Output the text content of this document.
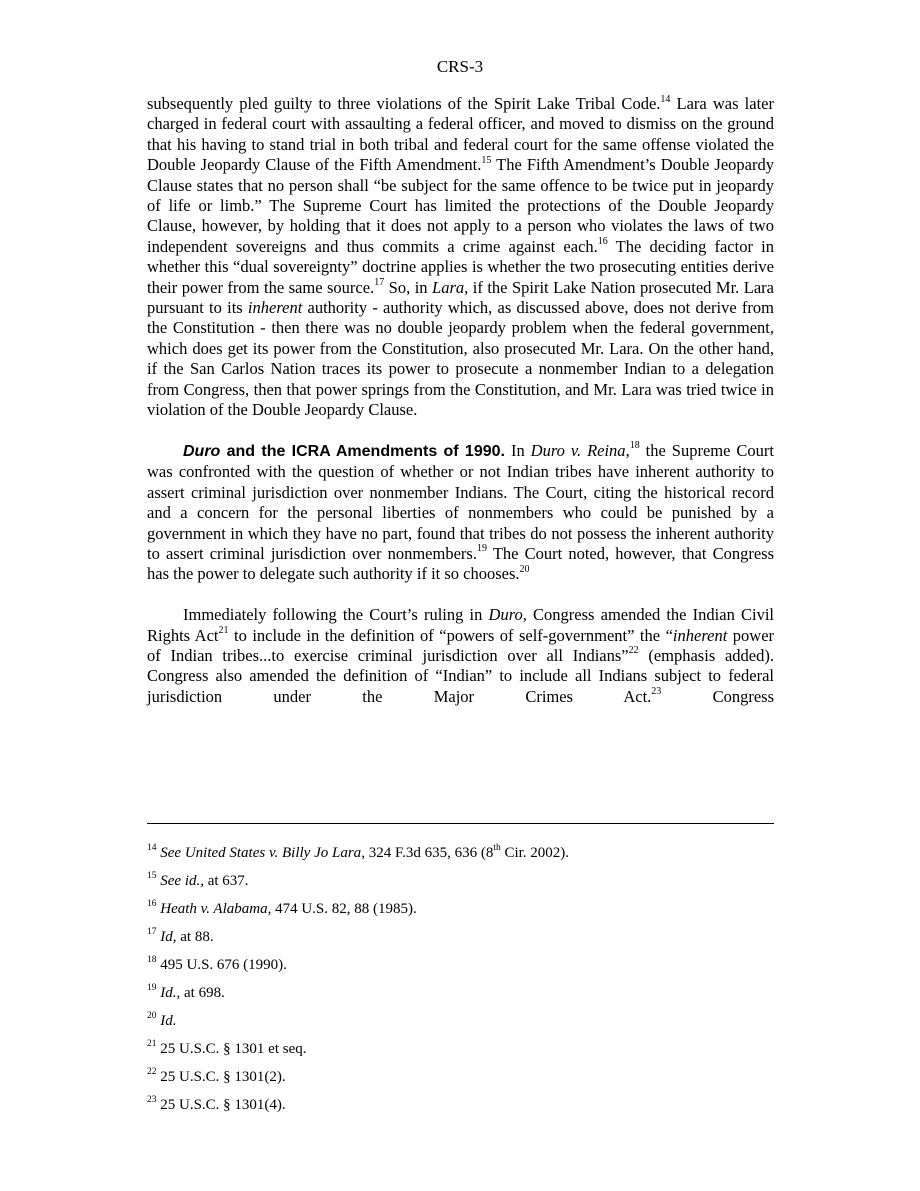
CRS-3

subsequently pled guilty to three violations of the Spirit Lake Tribal Code.$^{14}$ Lara was later charged in federal court with assaulting a federal officer, and moved to dismiss on the ground that his having to stand trial in both tribal and federal court for the same offense violated the Double Jeopardy Clause of the Fifth Amendment.$^{15}$ The Fifth Amendment’s Double Jeopardy Clause states that no person shall “be subject for the same offence to be twice put in jeopardy of life or limb.” The Supreme Court has limited the protections of the Double Jeopardy Clause, however, by holding that it does not apply to a person who violates the laws of two independent sovereigns and thus commits a crime against each.$^{16}$ The deciding factor in whether this “dual sovereignty” doctrine applies is whether the two prosecuting entities derive their power from the same source.$^{17}$ So, in Lara, if the Spirit Lake Nation prosecuted Mr. Lara pursuant to its inherent authority - authority which, as discussed above, does not derive from the Constitution - then there was no double jeopardy problem when the federal government, which does get its power from the Constitution, also prosecuted Mr. Lara. On the other hand, if the San Carlos Nation traces its power to prosecute a nonmember Indian to a delegation from Congress, then that power springs from the Constitution, and Mr. Lara was tried twice in violation of the Double Jeopardy Clause.

Duro and the ICRA Amendments of 1990. In Duro v. Reina,$^{18}$ the Supreme Court was confronted with the question of whether or not Indian tribes have inherent authority to assert criminal jurisdiction over nonmember Indians. The Court, citing the historical record and a concern for the personal liberties of nonmembers who could be punished by a government in which they have no part, found that tribes do not possess the inherent authority to assert criminal jurisdiction over nonmembers.$^{19}$ The Court noted, however, that Congress has the power to delegate such authority if it so chooses.$^{20}$

Immediately following the Court’s ruling in Duro, Congress amended the Indian Civil Rights Act$^{21}$ to include in the definition of “powers of self-government” the “inherent power of Indian tribes...to exercise criminal jurisdiction over all Indians”$^{22}$ (emphasis added). Congress also amended the definition of “Indian” to include all Indians subject to federal jurisdiction under the Major Crimes Act.$^{23}$ Congress

$^{14}$ See United States v. Billy Jo Lara, 324 F.3d 635, 636 (8th Cir. 2002).
$^{15}$ See id., at 637.
$^{16}$ Heath v. Alabama, 474 U.S. 82, 88 (1985).
$^{17}$ Id, at 88.
$^{18}$ 495 U.S. 676 (1990).
$^{19}$ Id., at 698.
$^{20}$ Id.
$^{21}$ 25 U.S.C. § 1301 et seq.
$^{22}$ 25 U.S.C. § 1301(2).
$^{23}$ 25 U.S.C. § 1301(4).
